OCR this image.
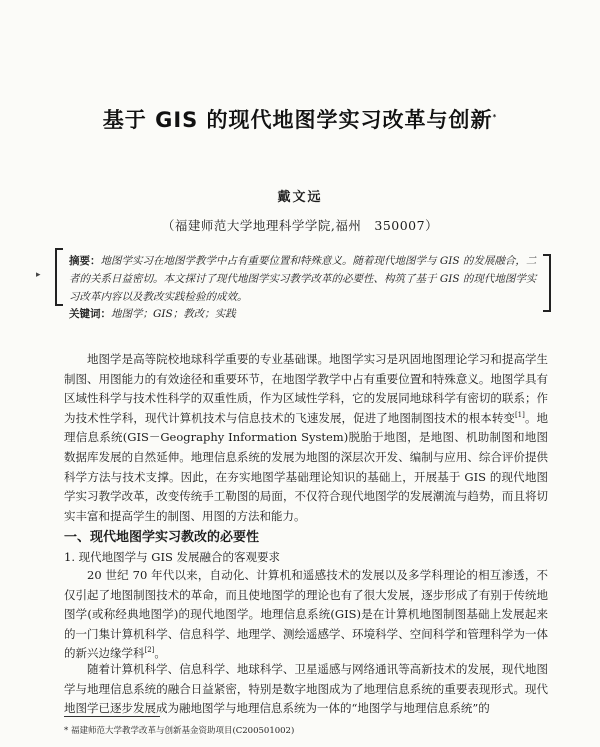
基于 GIS 的现代地图学实习改革与创新*
戴文远
（福建师范大学地理科学学院,福州　350007）
▸
摘要：地图学实习在地图学教学中占有重要位置和特殊意义。随着现代地图学与 GIS 的发展融合，二者的关系日益密切。本文探讨了现代地图学实习教学改革的必要性、构筑了基于 GIS 的现代地图学实习改革内容以及教改实践检验的成效。
关键词：地图学；GIS；教改；实践
地图学是高等院校地球科学重要的专业基础课。地图学实习是巩固地图理论学习和提高学生制图、用图能力的有效途径和重要环节，在地图学教学中占有重要位置和特殊意义。地图学具有区域性科学与技术性科学的双重性质，作为区域性学科，它的发展同地球科学有密切的联系；作为技术性学科，现代计算机技术与信息技术的飞速发展，促进了地图制图技术的根本转变[1]。地理信息系统(GIS－Geography Information System)脱胎于地图，是地图、机助制图和地图数据库发展的自然延伸。地理信息系统的发展为地图的深层次开发、编制与应用、综合评价提供科学方法与技术支撑。因此，在夯实地图学基础理论知识的基础上，开展基于 GIS 的现代地图学实习教学改革，改变传统手工勒图的局面，不仅符合现代地图学的发展潮流与趋势，而且将切实丰富和提高学生的制图、用图的方法和能力。
一、现代地图学实习教改的必要性
1. 现代地图学与 GIS 发展融合的客观要求
20 世纪 70 年代以来，自动化、计算机和遥感技术的发展以及多学科理论的相互渗透，不仅引起了地图制图技术的革命，而且使地图学的理论也有了很大发展，逐步形成了有别于传统地图学(或称经典地图学)的现代地图学。地理信息系统(GIS)是在计算机地图制图基础上发展起来的一门集计算机科学、信息科学、地理学、测绘遥感学、环境科学、空间科学和管理科学为一体的新兴边缘学科[2]。
随着计算机科学、信息科学、地球科学、卫星遥感与网络通讯等高新技术的发展，现代地图学与地理信息系统的融合日益紧密，特别是数字地图成为了地理信息系统的重要表现形式。现代地图学已逐步发展成为融地图学与地理信息系统为一体的“地图学与地理信息系统”的
* 福建师范大学教学改革与创新基金资助项目(C200501002)
